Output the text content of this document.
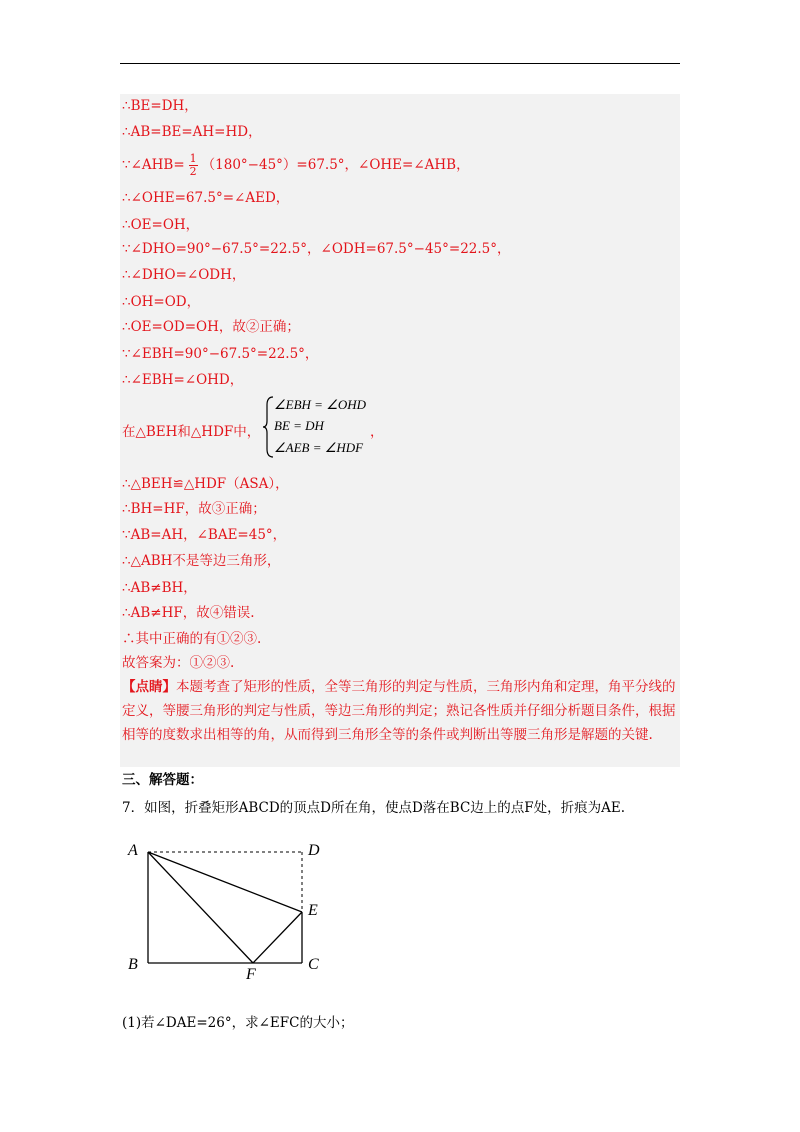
∴BE=DH，
∴AB=BE=AH=HD，
∵∠AHB= $\frac{1}{2} (180^\circ-45^\circ)=67.5^\circ$，∠OHE=∠AHB，
∴∠OHE=67.5°=∠AED，
∴OE=OH，
∵∠DHO=90°−67.5°=22.5°，∠ODH=67.5°−45°=22.5°，
∴∠DHO=∠ODH，
∴OH=OD，
∴OE=OD=OH，故②正确；
∵∠EBH=90°−67.5°=22.5°，
∴∠EBH=∠OHD，
在△BEH和△HDF中，
∠EBH = ∠OHD
BE = DH
∠AEB = ∠HDF
，
∴△BEH≌△HDF（ASA），
∴BH=HF，故③正确；
∵AB=AH，∠BAE=45°，
∴△ABH不是等边三角形，
∴AB≠BH，
∴AB≠HF，故④错误.
∴其中正确的有①②③.
故答案为：①②③.
【点睛】本题考查了矩形的性质，全等三角形的判定与性质，三角形内角和定理，角平分线的定义，等腰三角形的判定与性质，等边三角形的判定；熟记各性质并仔细分析题目条件，根据相等的度数求出相等的角，从而得到三角形全等的条件或判断出等腰三角形是解题的关键.
三、解答题：
7．如图，折叠矩形ABCD的顶点D所在角，使点D落在BC边上的点F处，折痕为AE.
A	D
E
B	C
F
(1)若∠DAE=26°，求∠EFC的大小；
